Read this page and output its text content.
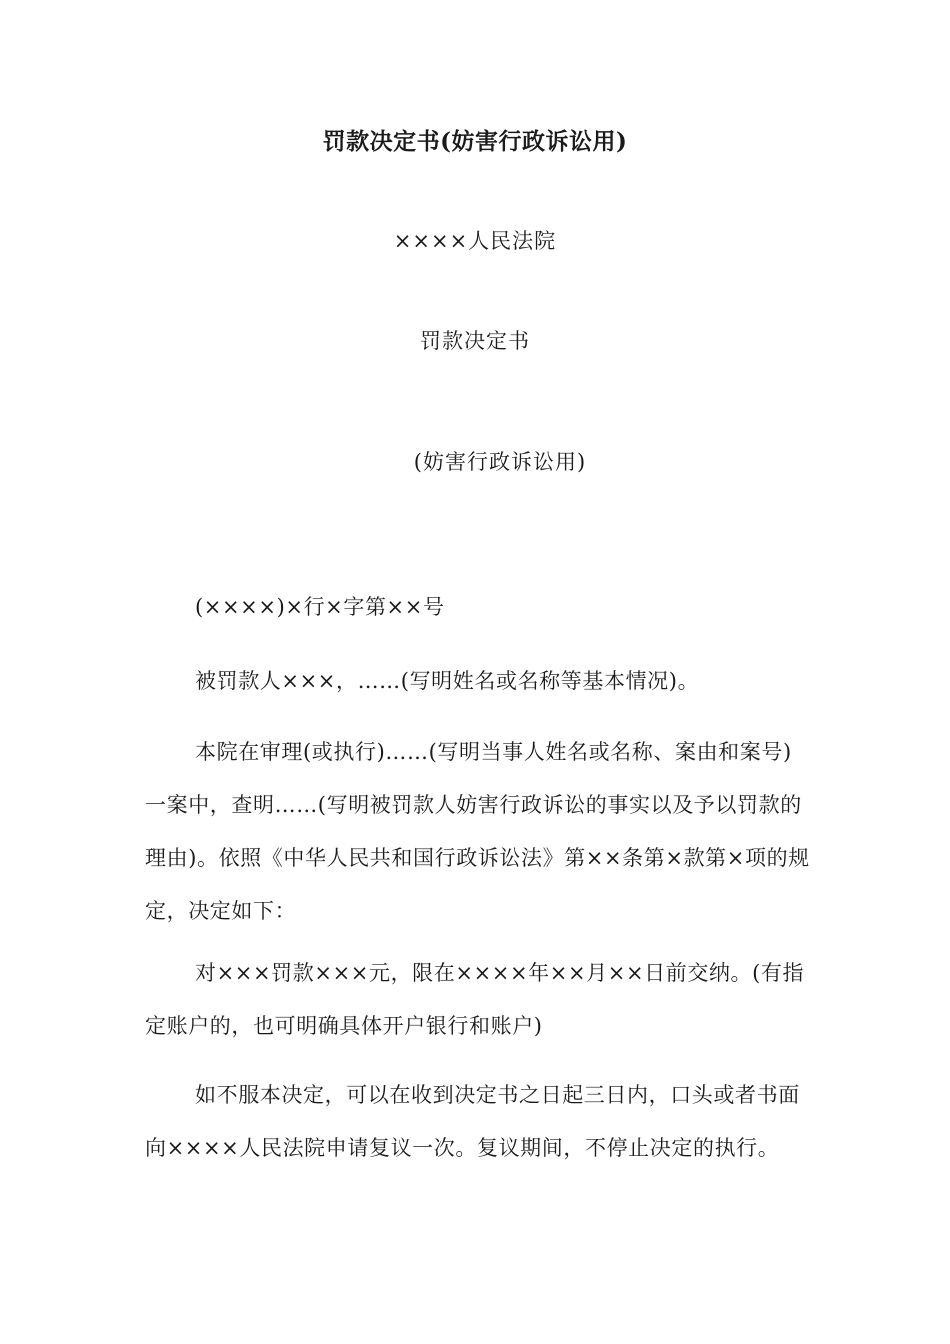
罚款决定书(妨害行政诉讼用)
××××人民法院
罚款决定书
(妨害行政诉讼用)

(××××)×行×字第××号

被罚款人×××，……(写明姓名或名称等基本情况)。

本院在审理(或执行)……(写明当事人姓名或名称、案由和案号)一案中，查明……(写明被罚款人妨害行政诉讼的事实以及予以罚款的理由)。依照《中华人民共和国行政诉讼法》第××条第×款第×项的规定，决定如下：

对×××罚款×××元，限在××××年××月××日前交纳。(有指定账户的，也可明确具体开户银行和账户)

如不服本决定，可以在收到决定书之日起三日内，口头或者书面向××××人民法院申请复议一次。复议期间，不停止决定的执行。
